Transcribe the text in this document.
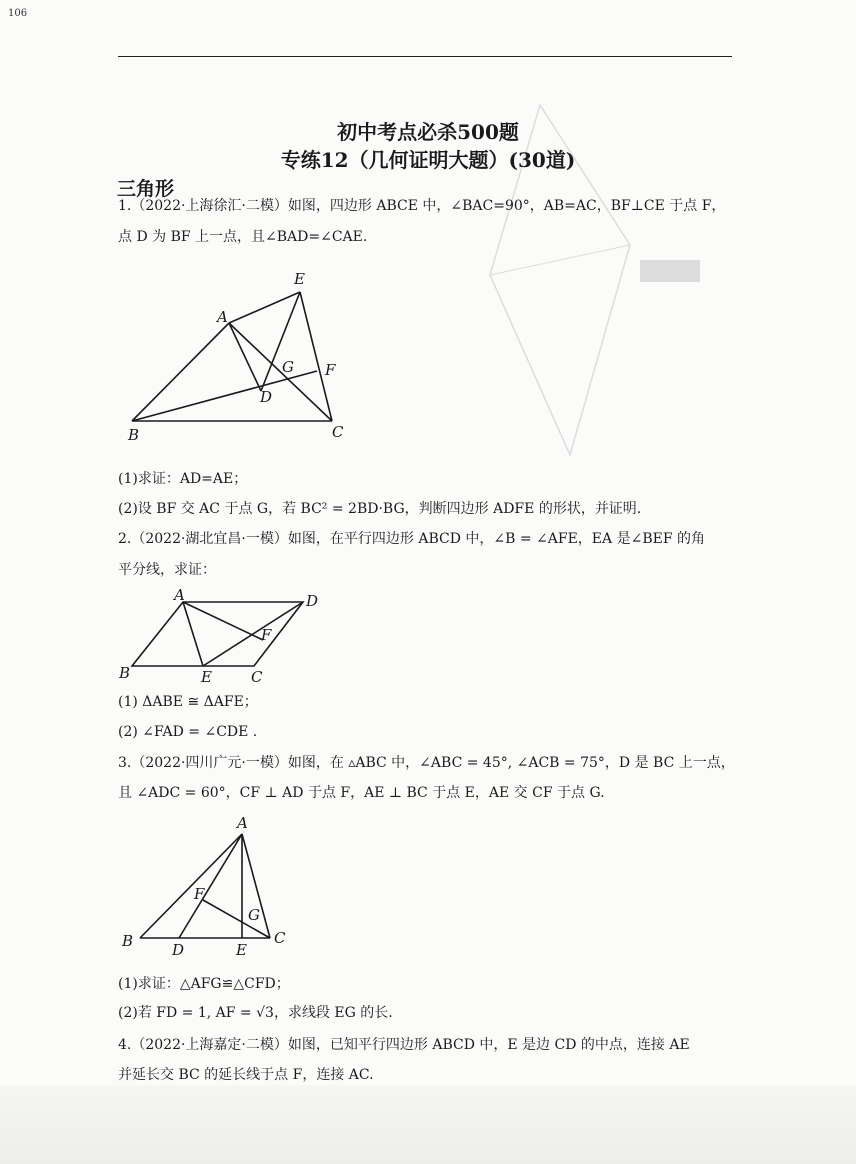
106
初中考点必杀500题
专练12（几何证明大题）(30道)
三角形
1.（2022·上海徐汇·二模）如图，四边形 ABCE 中，∠BAC=90°，AB=AC，BF⊥CE 于点 F，
点 D 为 BF 上一点，且∠BAD=∠CAE.
E
A
G F
D
B	C
(1)求证：AD=AE；
(2)设 BF 交 AC 于点 G，若 BC² = 2BD·BG，判断四边形 ADFE 的形状，并证明.
2.（2022·湖北宜昌·一模）如图，在平行四边形 ABCD 中，∠B = ∠AFE，EA 是∠BEF 的角
平分线，求证：
A	D
F
B	E	C
(1) ΔABE ≅ ΔAFE；
(2) ∠FAD = ∠CDE .
3.（2022·四川广元·一模）如图，在 ▵ABC 中，∠ABC = 45°, ∠ACB = 75°，D 是 BC 上一点，
且 ∠ADC = 60°，CF ⊥ AD 于点 F，AE ⊥ BC 于点 E，AE 交 CF 于点 G.
A
F
G
B	D	E
C
(1)求证：△AFG≌△CFD；
(2)若 FD = 1, AF = √3，求线段 EG 的长.
4.（2022·上海嘉定·二模）如图，已知平行四边形 ABCD 中，E 是边 CD 的中点，连接 AE
并延长交 BC 的延长线于点 F，连接 AC.
